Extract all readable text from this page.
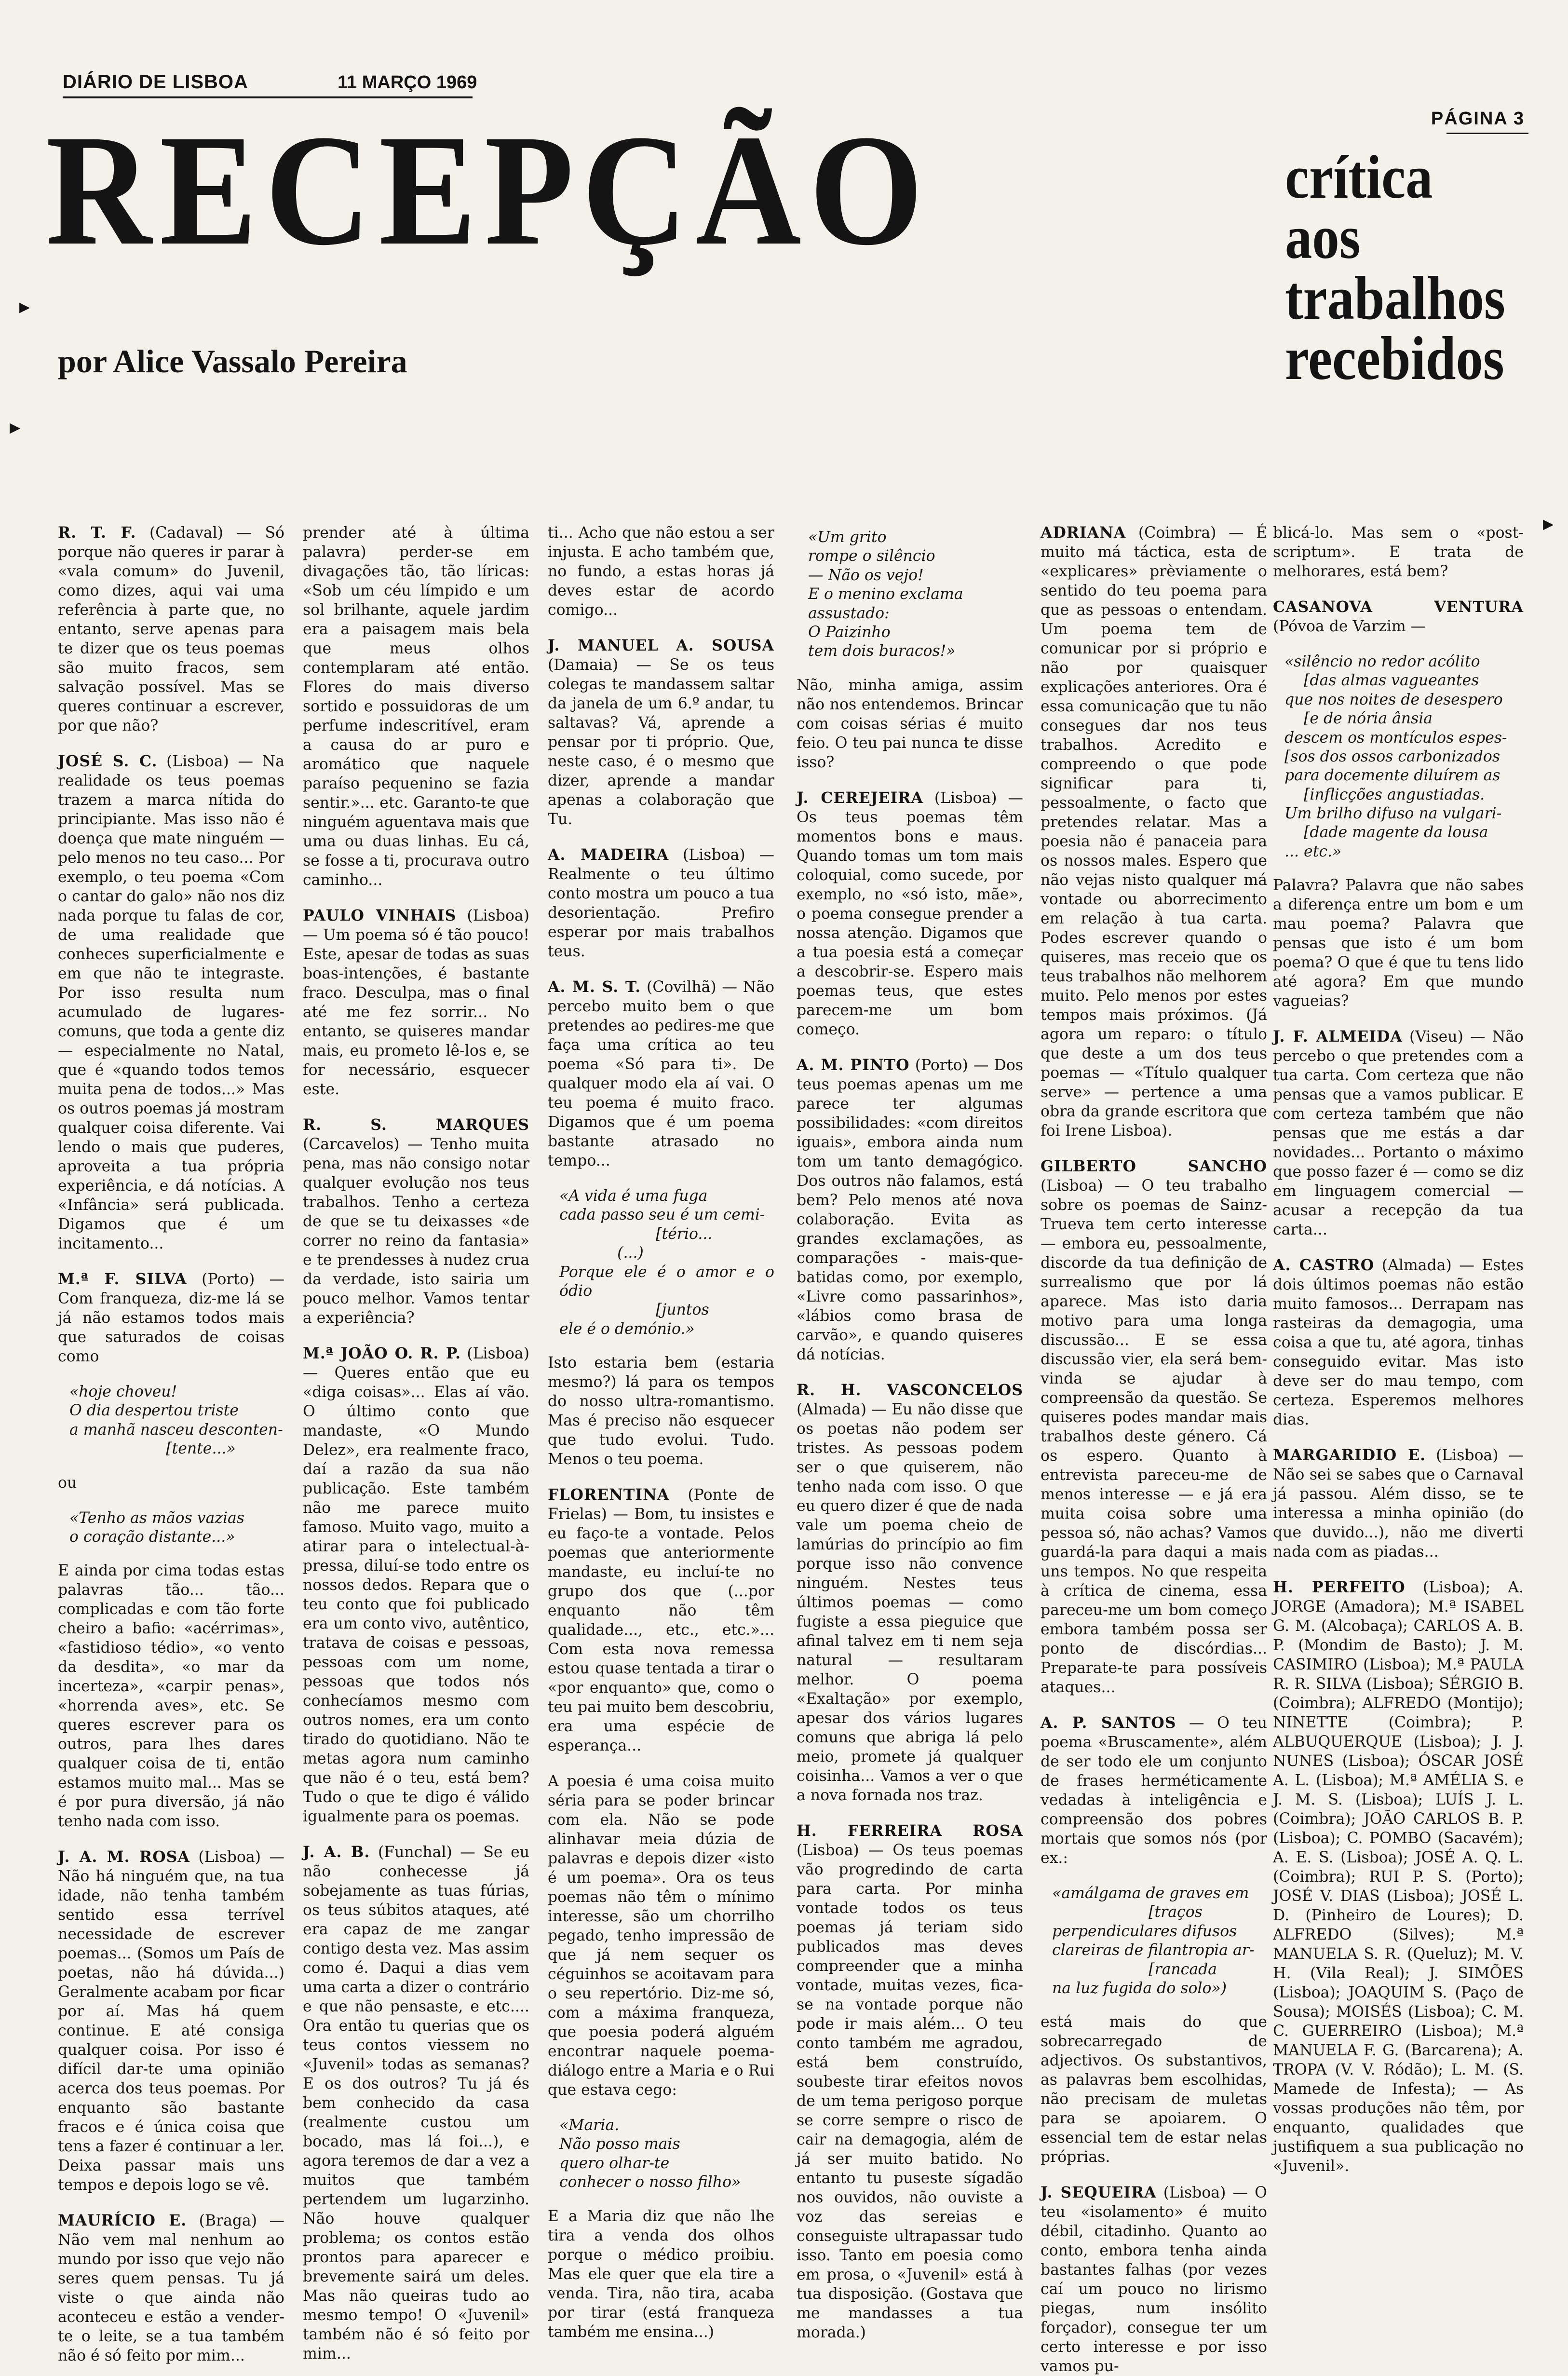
DIÁRIO DE LISBOA	11 MARÇO 1969
PÁGINA 3
RECEPÇÃO
por Alice Vassalo Pereira
crítica
aos
trabalhos
recebidos
▸
▸
▸

R. T. F. (Cadaval) — Só porque não queres ir parar à «vala comum» do Juvenil, como dizes, aqui vai uma referência à parte que, no entanto, serve apenas para te dizer que os teus poemas são muito fracos, sem salvação possível. Mas se queres continuar a escrever, por que não?

JOSÉ S. C. (Lisboa) — Na realidade os teus poemas trazem a marca nítida do principiante. Mas isso não é doença que mate ninguém — pelo menos no teu caso... Por exemplo, o teu poema «Com o cantar do galo» não nos diz nada porque tu falas de cor, de uma realidade que conheces superficialmente e em que não te integraste. Por isso resulta num acumulado de lugares-comuns, que toda a gente diz — especialmente no Natal, que é «quando todos temos muita pena de todos...» Mas os outros poemas já mostram qualquer coisa diferente. Vai lendo o mais que puderes, aproveita a tua própria experiência, e dá notícias. A «Infância» será publicada. Digamos que é um incitamento...

M.ª F. SILVA (Porto) — Com franqueza, diz-me lá se já não estamos todos mais que saturados de coisas como

«hoje choveu!
O dia despertou triste
a manhã nasceu desconten-
[tente...»

ou

«Tenho as mãos vazias
o coração distante...»

E ainda por cima todas estas palavras tão... tão... complicadas e com tão forte cheiro a bafio: «acérrimas», «fastidioso tédio», «o vento da desdita», «o mar da incerteza», «carpir penas», «horrenda aves», etc. Se queres escrever para os outros, para lhes dares qualquer coisa de ti, então estamos muito mal... Mas se é por pura diversão, já não tenho nada com isso.

J. A. M. ROSA (Lisboa) — Não há ninguém que, na tua idade, não tenha também sentido essa terrível necessidade de escrever poemas... (Somos um País de poetas, não há dúvida...) Geralmente acabam por ficar por aí. Mas há quem continue. E até consiga qualquer coisa. Por isso é difícil dar-te uma opinião acerca dos teus poemas. Por enquanto são bastante fracos e é única coisa que tens a fazer é continuar a ler. Deixa passar mais uns tempos e depois logo se vê.

MAURÍCIO E. (Braga) — Não vem mal nenhum ao mundo por isso que vejo não seres quem pensas. Tu já viste o que ainda não aconteceu e estão a vender-te o leite, se a tua também não é só feito por mim...

prender até à última palavra) perder-se em divagações tão, tão líricas: «Sob um céu límpido e um sol brilhante, aquele jardim era a paisagem mais bela que meus olhos contemplaram até então. Flores do mais diverso sortido e possuidoras de um perfume indescritível, eram a causa do ar puro e aromático que naquele paraíso pequenino se fazia sentir.»... etc. Garanto-te que ninguém aguentava mais que uma ou duas linhas. Eu cá, se fosse a ti, procurava outro caminho...

PAULO VINHAIS (Lisboa) — Um poema só é tão pouco! Este, apesar de todas as suas boas-intenções, é bastante fraco. Desculpa, mas o final até me fez sorrir... No entanto, se quiseres mandar mais, eu prometo lê-los e, se for necessário, esquecer este.

R. S. MARQUES (Carcavelos) — Tenho muita pena, mas não consigo notar qualquer evolução nos teus trabalhos. Tenho a certeza de que se tu deixasses «de correr no reino da fantasia» e te prendesses à nudez crua da verdade, isto sairia um pouco melhor. Vamos tentar a experiência?

M.ª JOÃO O. R. P. (Lisboa) — Queres então que eu «diga coisas»... Elas aí vão. O último conto que mandaste, «O Mundo Delez», era realmente fraco, daí a razão da sua não publicação. Este também não me parece muito famoso. Muito vago, muito a atirar para o intelectual-à-pressa, diluí-se todo entre os nossos dedos. Repara que o teu conto que foi publicado era um conto vivo, autêntico, tratava de coisas e pessoas, pessoas com um nome, pessoas que todos nós conhecíamos mesmo com outros nomes, era um conto tirado do quotidiano. Não te metas agora num caminho que não é o teu, está bem? Tudo o que te digo é válido igualmente para os poemas.

J. A. B. (Funchal) — Se eu não conhecesse já sobejamente as tuas fúrias, os teus súbitos ataques, até era capaz de me zangar contigo desta vez. Mas assim como é. Daqui a dias vem uma carta a dizer o contrário e que não pensaste, e etc.... Ora então tu querias que os teus contos viessem no «Juvenil» todas as semanas? E os dos outros? Tu já és bem conhecido da casa (realmente custou um bocado, mas lá foi...), e agora teremos de dar a vez a muitos que também pertendem um lugarzinho. Não houve qualquer problema; os contos estão prontos para aparecer e brevemente sairá um deles. Mas não queiras tudo ao mesmo tempo! O «Juvenil» também não é só feito por mim...

ti... Acho que não estou a ser injusta. E acho também que, no fundo, a estas horas já deves estar de acordo comigo...

J. MANUEL A. SOUSA (Damaia) — Se os teus colegas te mandassem saltar da janela de um 6.º andar, tu saltavas? Vá, aprende a pensar por ti próprio. Que, neste caso, é o mesmo que dizer, aprende a mandar apenas a colaboração que Tu.

A. MADEIRA (Lisboa) — Realmente o teu último conto mostra um pouco a tua desorientação. Prefiro esperar por mais trabalhos teus.

A. M. S. T. (Covilhã) — Não percebo muito bem o que pretendes ao pedires-me que faça uma crítica ao teu poema «Só para ti». De qualquer modo ela aí vai. O teu poema é muito fraco. Digamos que é um poema bastante atrasado no tempo...

«A vida é uma fuga
cada passo seu é um cemi-
[tério...
(...)
Porque ele é o amor e o ódio
[juntos
ele é o demónio.»

Isto estaria bem (estaria mesmo?) lá para os tempos do nosso ultra-romantismo. Mas é preciso não esquecer que tudo evolui. Tudo. Menos o teu poema.

FLORENTINA (Ponte de Frielas) — Bom, tu insistes e eu faço-te a vontade. Pelos poemas que anteriormente mandaste, eu incluí-te no grupo dos que (...por enquanto não têm qualidade..., etc., etc.»... Com esta nova remessa estou quase tentada a tirar o «por enquanto» que, como o teu pai muito bem descobriu, era uma espécie de esperança...

A poesia é uma coisa muito séria para se poder brincar com ela. Não se pode alinhavar meia dúzia de palavras e depois dizer «isto é um poema». Ora os teus poemas não têm o mínimo interesse, são um chorrilho pegado, tenho impressão de que já nem sequer os céguinhos se acoitavam para o seu repertório. Diz-me só, com a máxima franqueza, que poesia poderá alguém encontrar naquele poema-diálogo entre a Maria e o Rui que estava cego:

«Maria.
Não posso mais
quero olhar-te
conhecer o nosso filho»

E a Maria diz que não lhe tira a venda dos olhos porque o médico proibiu. Mas ele quer que ela tire a venda. Tira, não tira, acaba por tirar (está franqueza também me ensina...)

«Um grito
rompe o silêncio
— Não os vejo!
E o menino exclama
assustado:
O Paizinho
tem dois buracos!»

Não, minha amiga, assim não nos entendemos. Brincar com coisas sérias é muito feio. O teu pai nunca te disse isso?

J. CEREJEIRA (Lisboa) — Os teus poemas têm momentos bons e maus. Quando tomas um tom mais coloquial, como sucede, por exemplo, no «só isto, mãe», o poema consegue prender a nossa atenção. Digamos que a tua poesia está a começar a descobrir-se. Espero mais poemas teus, que estes parecem-me um bom começo.

A. M. PINTO (Porto) — Dos teus poemas apenas um me parece ter algumas possibilidades: «com direitos iguais», embora ainda num tom um tanto demagógico. Dos outros não falamos, está bem? Pelo menos até nova colaboração. Evita as grandes exclamações, as comparações - mais-que-batidas como, por exemplo, «Livre como passarinhos», «lábios como brasa de carvão», e quando quiseres dá notícias.

R. H. VASCONCELOS (Almada) — Eu não disse que os poetas não podem ser tristes. As pessoas podem ser o que quiserem, não tenho nada com isso. O que eu quero dizer é que de nada vale um poema cheio de lamúrias do princípio ao fim porque isso não convence ninguém. Nestes teus últimos poemas — como fugiste a essa pieguice que afinal talvez em ti nem seja natural — resultaram melhor. O poema «Exaltação» por exemplo, apesar dos vários lugares comuns que abriga lá pelo meio, promete já qualquer coisinha... Vamos a ver o que a nova fornada nos traz.

H. FERREIRA ROSA (Lisboa) — Os teus poemas vão progredindo de carta para carta. Por minha vontade todos os teus poemas já teriam sido publicados mas deves compreender que a minha vontade, muitas vezes, fica-se na vontade porque não pode ir mais além... O teu conto também me agradou, está bem construído, soubeste tirar efeitos novos de um tema perigoso porque se corre sempre o risco de cair na demagogia, além de já ser muito batido. No entanto tu puseste sígadão nos ouvidos, não ouviste a voz das sereias e conseguiste ultrapassar tudo isso. Tanto em poesia como em prosa, o «Juvenil» está à tua disposição. (Gostava que me mandasses a tua morada.)

ADRIANA (Coimbra) — É muito má táctica, esta de «explicares» prèviamente o sentido do teu poema para que as pessoas o entendam. Um poema tem de comunicar por si próprio e não por quaisquer explicações anteriores. Ora é essa comunicação que tu não consegues dar nos teus trabalhos. Acredito e compreendo o que pode significar para ti, pessoalmente, o facto que pretendes relatar. Mas a poesia não é panaceia para os nossos males. Espero que não vejas nisto qualquer má vontade ou aborrecimento em relação à tua carta. Podes escrever quando o quiseres, mas receio que os teus trabalhos não melhorem muito. Pelo menos por estes tempos mais próximos. (Já agora um reparo: o título que deste a um dos teus poemas — «Título qualquer serve» — pertence a uma obra da grande escritora que foi Irene Lisboa).

GILBERTO SANCHO (Lisboa) — O teu trabalho sobre os poemas de Sainz-Trueva tem certo interesse — embora eu, pessoalmente, discorde da tua definição de surrealismo que por lá aparece. Mas isto daria motivo para uma longa discussão... E se essa discussão vier, ela será bem-vinda se ajudar à compreensão da questão. Se quiseres podes mandar mais trabalhos deste género. Cá os espero. Quanto à entrevista pareceu-me de menos interesse — e já era muita coisa sobre uma pessoa só, não achas? Vamos guardá-la para daqui a mais uns tempos. No que respeita à crítica de cinema, essa pareceu-me um bom começo embora também possa ser ponto de discórdias... Preparate-te para possíveis ataques...

A. P. SANTOS — O teu poema «Bruscamente», além de ser todo ele um conjunto de frases herméticamente vedadas à inteligência e compreensão dos pobres mortais que somos nós (por ex.:

«amálgama de graves em
[traços
perpendiculares difusos
clareiras de filantropia ar-
[rancada
na luz fugida do solo»)

está mais do que sobrecarregado de adjectivos. Os substantivos, as palavras bem escolhidas, não precisam de muletas para se apoiarem. O essencial tem de estar nelas próprias.

J. SEQUEIRA (Lisboa) — O teu «isolamento» é muito débil, citadinho. Quanto ao conto, embora tenha ainda bastantes falhas (por vezes caí um pouco no lirismo piegas, num insólito forçador), consegue ter um certo interesse e por isso vamos pu-

blicá-lo. Mas sem o «post-scriptum». E trata de melhorares, está bem?

CASANOVA VENTURA (Póvoa de Varzim —

«silêncio no redor acólito
[das almas vagueantes
que nos noites de desespero
[e de nória ânsia
descem os montículos espes-
[sos dos ossos carbonizados
para docemente diluírem as
[inflicções angustiadas.
Um brilho difuso na vulgari-
[dade magente da lousa
... etc.»

Palavra? Palavra que não sabes a diferença entre um bom e um mau poema? Palavra que pensas que isto é um bom poema? O que é que tu tens lido até agora? Em que mundo vagueias?

J. F. ALMEIDA (Viseu) — Não percebo o que pretendes com a tua carta. Com certeza que não pensas que a vamos publicar. E com certeza também que não pensas que me estás a dar novidades... Portanto o máximo que posso fazer é — como se diz em linguagem comercial — acusar a recepção da tua carta...

A. CASTRO (Almada) — Estes dois últimos poemas não estão muito famosos... Derrapam nas rasteiras da demagogia, uma coisa a que tu, até agora, tinhas conseguido evitar. Mas isto deve ser do mau tempo, com certeza. Esperemos melhores dias.

MARGARIDIO E. (Lisboa) — Não sei se sabes que o Carnaval já passou. Além disso, se te interessa a minha opinião (do que duvido...), não me diverti nada com as piadas...

H. PERFEITO (Lisboa); A. JORGE (Amadora); M.ª ISABEL G. M. (Alcobaça); CARLOS A. B. P. (Mondim de Basto); J. M. CASIMIRO (Lisboa); M.ª PAULA R. R. SILVA (Lisboa); SÉRGIO B. (Coimbra); ALFREDO (Montijo); NINETTE (Coimbra); P. ALBUQUERQUE (Lisboa); J. J. NUNES (Lisboa); ÓSCAR JOSÉ A. L. (Lisboa); M.ª AMÉLIA S. e J. M. S. (Lisboa); LUÍS J. L. (Coimbra); JOÃO CARLOS B. P. (Lisboa); C. POMBO (Sacavém); A. E. S. (Lisboa); JOSÉ A. Q. L. (Coimbra); RUI P. S. (Porto); JOSÉ V. DIAS (Lisboa); JOSÉ L. D. (Pinheiro de Loures); D. ALFREDO (Silves); M.ª MANUELA S. R. (Queluz); M. V. H. (Vila Real); J. SIMÕES (Lisboa); JOAQUIM S. (Paço de Sousa); MOISÉS (Lisboa); C. M. C. GUERREIRO (Lisboa); M.ª MANUELA F. G. (Barcarena); A. TROPA (V. V. Ródão); L. M. (S. Mamede de Infesta); — As vossas produções não têm, por enquanto, qualidades que justifiquem a sua publicação no «Juvenil».
